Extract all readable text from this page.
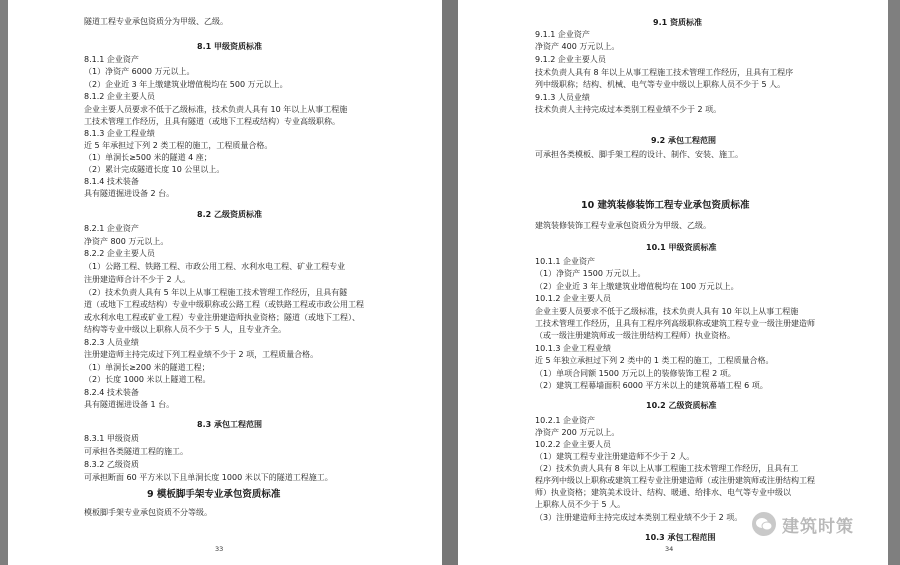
隧道工程专业承包资质分为甲级、乙级。
8.1 甲级资质标准
8.1.1 企业资产
（1）净资产 6000 万元以上。
（2）企业近 3 年上缴建筑业增值税均在 500 万元以上。
8.1.2 企业主要人员
企业主要人员要求不低于乙级标准，技术负责人具有 10 年以上从事工程施
工技术管理工作经历，且具有隧道（或地下工程或结构）专业高级职称。
8.1.3 企业工程业绩
近 5 年承担过下列 2 类工程的施工，工程质量合格。
（1）单洞长≥500 米的隧道 4 座；
（2）累计完成隧道长度 10 公里以上。
8.1.4 技术装备
具有隧道掘进设备 2 台。
8.2 乙级资质标准
8.2.1 企业资产
净资产 800 万元以上。
8.2.2 企业主要人员
（1）公路工程、铁路工程、市政公用工程、水利水电工程、矿业工程专业
注册建造师合计不少于 2 人。
（2）技术负责人具有 5 年以上从事工程施工技术管理工作经历，且具有隧
道（或地下工程或结构）专业中级职称或公路工程（或铁路工程或市政公用工程
或水利水电工程或矿业工程）专业注册建造师执业资格；隧道（或地下工程）、
结构等专业中级以上职称人员不少于 5 人，且专业齐全。
8.2.3 人员业绩
注册建造师主持完成过下列工程业绩不少于 2 项，工程质量合格。
（1）单洞长≥200 米的隧道工程；
（2）长度 1000 米以上隧道工程。
8.2.4 技术装备
具有隧道掘进设备 1 台。
8.3 承包工程范围
8.3.1 甲级资质
可承担各类隧道工程的施工。
8.3.2 乙级资质
可承担断面 60 平方米以下且单洞长度 1000 米以下的隧道工程施工。
9 模板脚手架专业承包资质标准
模板脚手架专业承包资质不分等级。
33
9.1 资质标准
9.1.1 企业资产
净资产 400 万元以上。
9.1.2 企业主要人员
技术负责人具有 8 年以上从事工程施工技术管理工作经历，且具有工程序
列中级职称；结构、机械、电气等专业中级以上职称人员不少于 5 人。
9.1.3 人员业绩
技术负责人主持完成过本类别工程业绩不少于 2 项。
9.2 承包工程范围
可承担各类模板、脚手架工程的设计、制作、安装、施工。
10 建筑装修装饰工程专业承包资质标准
建筑装修装饰工程专业承包资质分为甲级、乙级。
10.1 甲级资质标准
10.1.1 企业资产
（1）净资产 1500 万元以上。
（2）企业近 3 年上缴建筑业增值税均在 100 万元以上。
10.1.2 企业主要人员
企业主要人员要求不低于乙级标准，技术负责人具有 10 年以上从事工程施
工技术管理工作经历，且具有工程序列高级职称或建筑工程专业一级注册建造师
（或一级注册建筑师或一级注册结构工程师）执业资格。
10.1.3 企业工程业绩
近 5 年独立承担过下列 2 类中的 1 类工程的施工，工程质量合格。
（1）单项合同额 1500 万元以上的装修装饰工程 2 项。
（2）建筑工程幕墙面积 6000 平方米以上的建筑幕墙工程 6 项。
10.2 乙级资质标准
10.2.1 企业资产
净资产 200 万元以上。
10.2.2 企业主要人员
（1）建筑工程专业注册建造师不少于 2 人。
（2）技术负责人具有 8 年以上从事工程施工技术管理工作经历，且具有工
程序列中级以上职称或建筑工程专业注册建造师（或注册建筑师或注册结构工程
师）执业资格；建筑美术设计、结构、暖通、给排水、电气等专业中级以
上职称人员不少于 5 人。
（3）注册建造师主持完成过本类别工程业绩不少于 2 项。
10.3 承包工程范围
34
建筑时策
